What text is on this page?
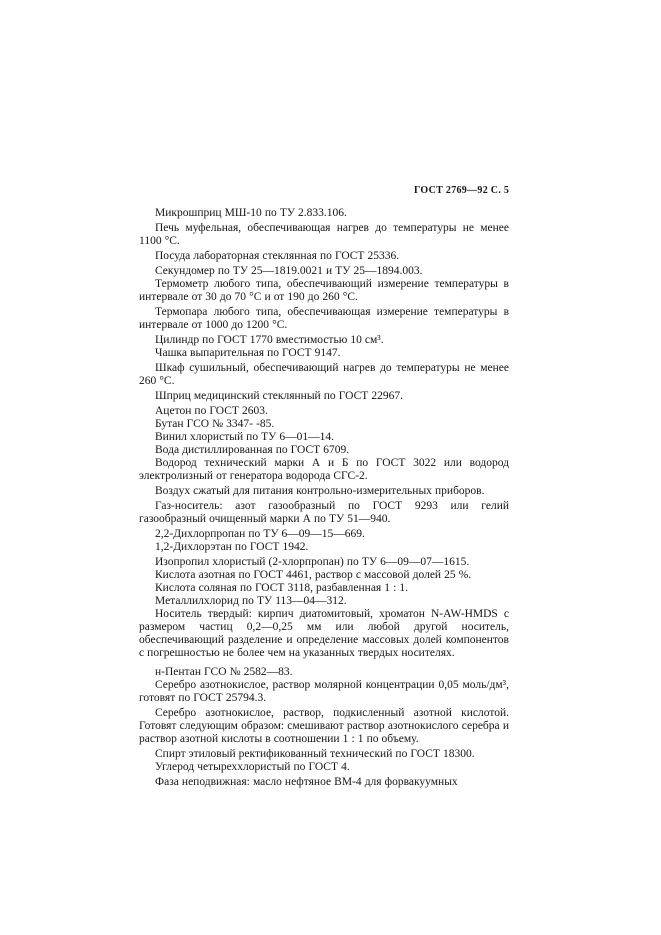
ГОСТ 2769—92 С. 5

Микрошприц МШ-10 по ТУ 2.833.106.

Печь муфельная, обеспечивающая нагрев до температуры не менее 1100 °С.

Посуда лабораторная стеклянная по ГОСТ 25336.

Секундомер по ТУ 25—1819.0021 и ТУ 25—1894.003.

Термометр любого типа, обеспечивающий измерение температуры в интервале от 30 до 70 °С и от 190 до 260 °С.

Термопара любого типа, обеспечивающая измерение температуры в интервале от 1000 до 1200 °С.

Цилиндр по ГОСТ 1770 вместимостью 10 см³.

Чашка выпарительная по ГОСТ 9147.

Шкаф сушильный, обеспечивающий нагрев до температуры не менее 260 °С.

Шприц медицинский стеклянный по ГОСТ 22967.

Ацетон по ГОСТ 2603.

Бутан ГСО № 3347- -85.

Винил хлористый по ТУ 6—01—14.

Вода дистиллированная по ГОСТ 6709.

Водород технический марки А и Б по ГОСТ 3022 или водород электролизный от генератора водорода СГС-2.

Воздух сжатый для питания контрольно-измерительных приборов.

Газ-носитель: азот газообразный по ГОСТ 9293 или гелий газообразный очищенный марки А по ТУ 51—940.

2,2-Дихлорпропан по ТУ 6—09—15—669.

1,2-Дихлорэтан по ГОСТ 1942.

Изопропил хлористый (2-хлорпропан) по ТУ 6—09—07—1615.

Кислота азотная по ГОСТ 4461, раствор с массовой долей 25 %.

Кислота соляная по ГОСТ 3118, разбавленная 1 : 1.

Металлилхлорид по ТУ 113—04—312.

Носитель твердый: кирпич диатомитовый, хроматон N-AW-HMDS с размером частиц 0,2—0,25 мм или любой другой носитель, обеспечивающий разделение и определение массовых долей компонентов с погрешностью не более чем на указанных твердых носителях.

н-Пентан ГСО № 2582—83.

Серебро азотнокислое, раствор молярной концентрации 0,05 моль/дм³, готовят по ГОСТ 25794.3.

Серебро азотнокислое, раствор, подкисленный азотной кислотой. Готовят следующим образом: смешивают раствор азотнокислого серебра и раствор азотной кислоты в соотношении 1 : 1 по объему.

Спирт этиловый ректификованный технический по ГОСТ 18300.

Углерод четыреххлористый по ГОСТ 4.

Фаза неподвижная: масло нефтяное ВМ-4 для форвакуумных
